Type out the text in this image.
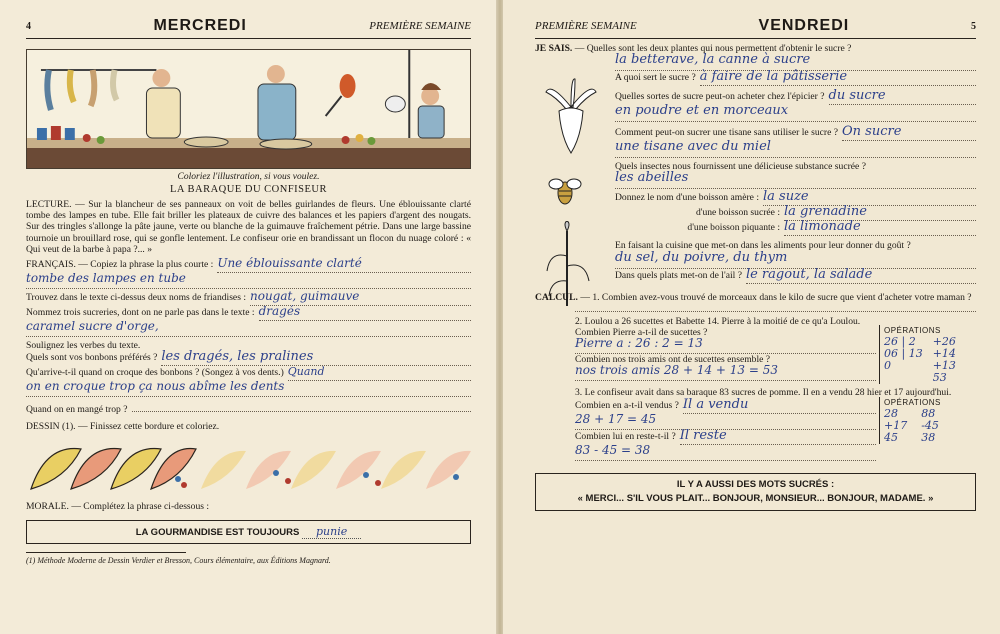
4	MERCREDI	PREMIÈRE SEMAINE
Coloriez l'illustration, si vous voulez.
LA BARAQUE DU CONFISEUR
LECTURE. — Sur la blancheur de ses panneaux on voit de belles guirlandes de fleurs. Une éblouissante clarté tombe des lampes en tube. Elle fait briller les plateaux de cuivre des balances et les papiers d'argent des nougats. Sur des tringles s'allonge la pâte jaune, verte ou blanche de la guimauve fraîchement pétrie. Dans une large bassine tournoie un brouillard rose, qui se gonfle lentement. Le confiseur orie en brandissant un flocon du nuage coloré : « Qui veut de la barbe à papa ?... »
FRANÇAIS.
— Copiez la phrase la plus courte : Une éblouissante clarté
tombe des lampes en tube
Trouvez dans le texte ci-dessus deux noms de friandises : nougat, guimauve
Nommez trois sucreries, dont on ne parle pas dans le texte : dragés
caramel sucre d'orge,
Soulignez les verbes du texte.
Quels sont vos bonbons préférés ? les dragés, les pralines
Qu'arrive-t-il quand on croque des bonbons ? (Songez à vos dents.) Quand
on en croque trop ça nous abîme les dents
Quand on en mangé trop ?
DESSIN (1). — Finissez cette bordure et coloriez.
MORALE. — Complétez la phrase ci-dessous :
LA GOURMANDISE EST TOUJOURS punie
(1) Méthode Moderne de Dessin Verdier et Bresson, Cours élémentaire, aux Éditions Magnard.
PREMIÈRE SEMAINE	VENDREDI	5
JE SAIS.
— Quelles sont les deux plantes qui nous permettent d'obtenir le sucre ?
la betterave, la canne à sucre
A quoi sert le sucre ? à faire de la pâtisserie
Quelles sortes de sucre peut-on acheter chez l'épicier ? du sucre
en poudre et en morceaux
Comment peut-on sucrer une tisane sans utiliser le sucre ? On sucre
une tisane avec du miel
Quels insectes nous fournissent une délicieuse substance sucrée ?
les abeilles
Donnez le nom d'une boisson amère : la suze
d'une boisson sucrée : la grenadine
d'une boisson piquante : la limonade
En faisant la cuisine que met-on dans les aliments pour leur donner du goût ?
du sel, du poivre, du thym
Dans quels plats met-on de l'ail ? le ragout, la salade
CALCUL. — 1. Combien avez-vous trouvé de morceaux dans le kilo de sucre que vient d'acheter votre maman ?
2. Loulou a 26 sucettes et Babette 14. Pierre à la moitié de ce qu'a Loulou.
Combien Pierre a-t-il de sucettes ?
Pierre a : 26 : 2 = 13
Combien nos trois amis ont de sucettes ensemble ?
nos trois amis 28 + 14 + 13 = 53
OPÉRATIONS
26 | 2
06 | 13
0
+26
+14
+13
53
3. Le confiseur avait dans sa baraque 83 sucres de pomme. Il en a vendu 28 hier et 17 aujourd'hui.
Combien en a-t-il vendus ? Il a vendu
28 + 17 = 45
Combien lui en reste-t-il ? Il reste
83 - 45 = 38
OPÉRATIONS
28
+17
45
88
-45
38
IL Y A AUSSI DES MOTS SUCRÉS :
« MERCI... S'IL VOUS PLAIT... BONJOUR, MONSIEUR... BONJOUR, MADAME. »
